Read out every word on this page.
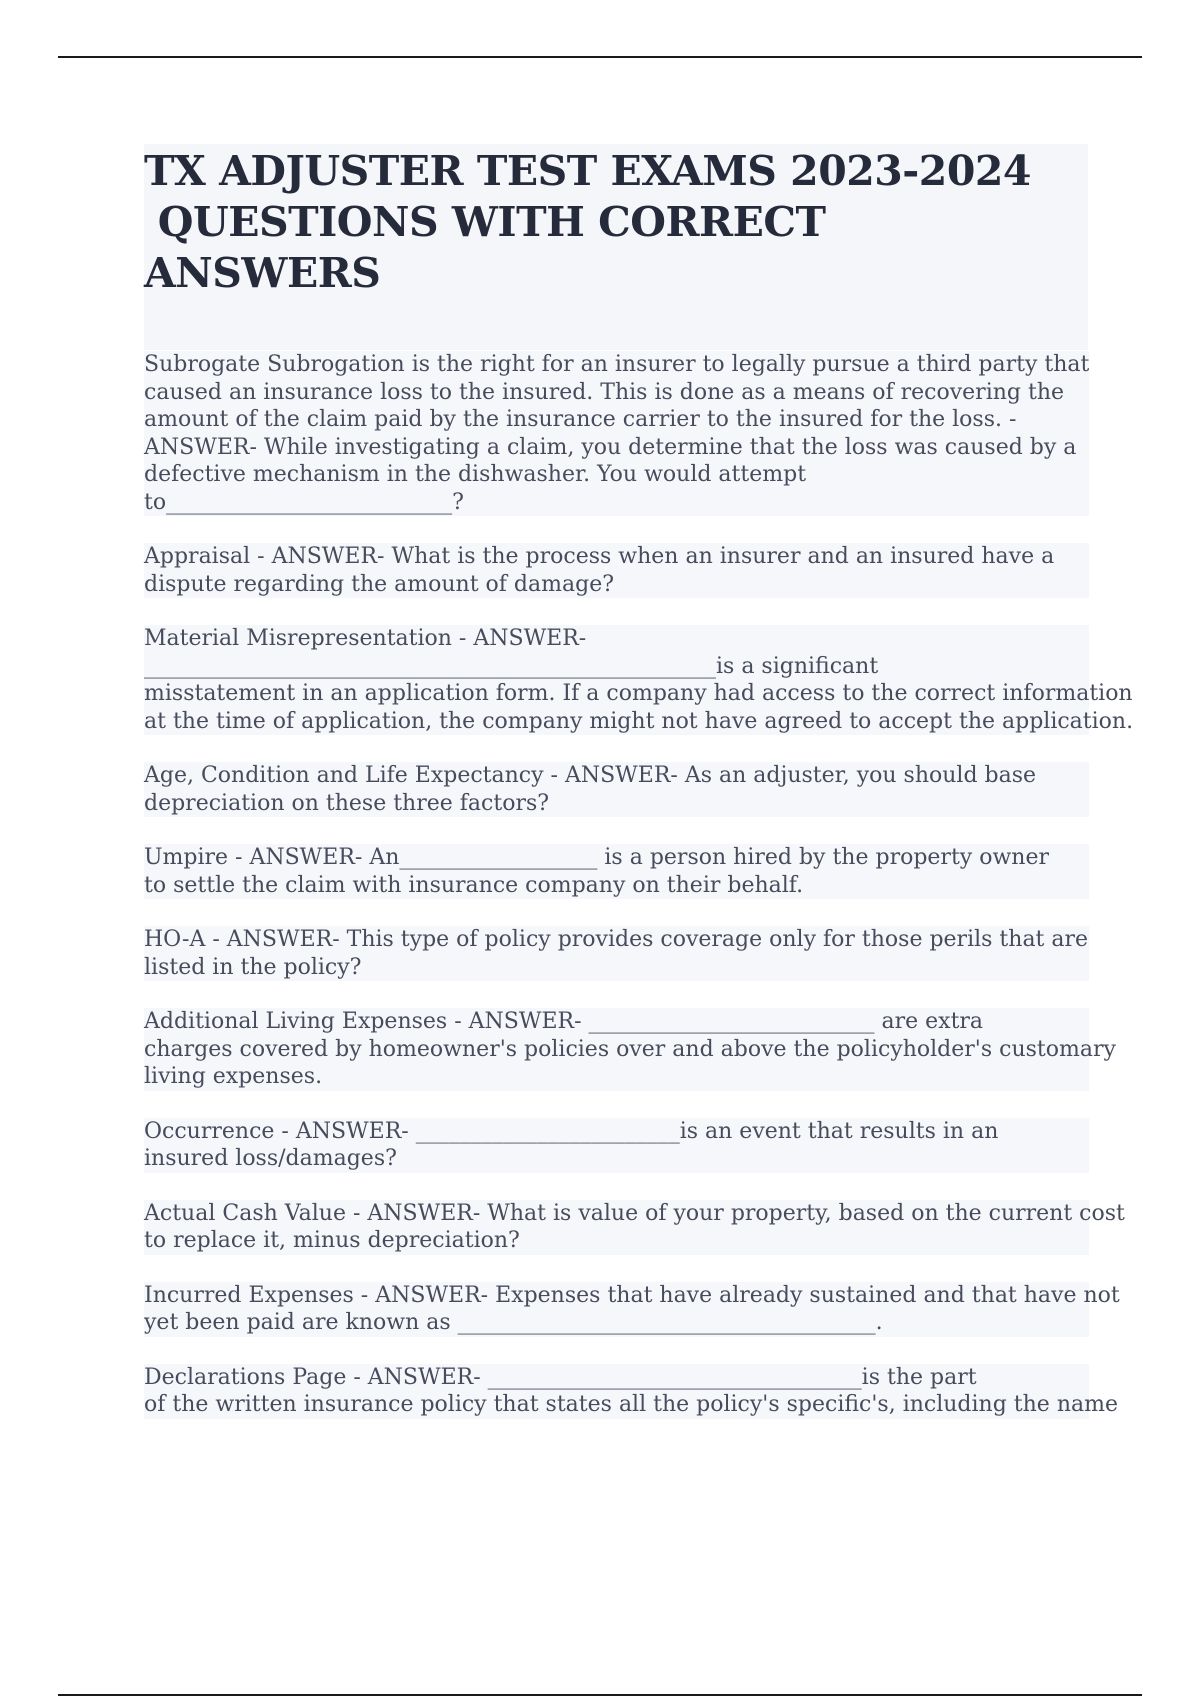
TX ADJUSTER TEST EXAMS 2023-2024
QUESTIONS WITH CORRECT
ANSWERS

Subrogate Subrogation is the right for an insurer to legally pursue a third party that
caused an insurance loss to the insured. This is done as a means of recovering the
amount of the claim paid by the insurance carrier to the insured for the loss. -
ANSWER- While investigating a claim, you determine that the loss was caused by a
defective mechanism in the dishwasher. You would attempt
to__________________________?

Appraisal - ANSWER- What is the process when an insurer and an insured have a
dispute regarding the amount of damage?

Material Misrepresentation - ANSWER-
____________________________________________________is a significant
misstatement in an application form. If a company had access to the correct information
at the time of application, the company might not have agreed to accept the application.

Age, Condition and Life Expectancy - ANSWER- As an adjuster, you should base
depreciation on these three factors?

Umpire - ANSWER- An__________________ is a person hired by the property owner
to settle the claim with insurance company on their behalf.

HO-A - ANSWER- This type of policy provides coverage only for those perils that are
listed in the policy?

Additional Living Expenses - ANSWER- __________________________ are extra
charges covered by homeowner's policies over and above the policyholder's customary
living expenses.

Occurrence - ANSWER- ________________________is an event that results in an
insured loss/damages?

Actual Cash Value - ANSWER- What is value of your property, based on the current cost
to replace it, minus depreciation?

Incurred Expenses - ANSWER- Expenses that have already sustained and that have not
yet been paid are known as ______________________________________.

Declarations Page - ANSWER- __________________________________is the part
of the written insurance policy that states all the policy's specific's, including the name
